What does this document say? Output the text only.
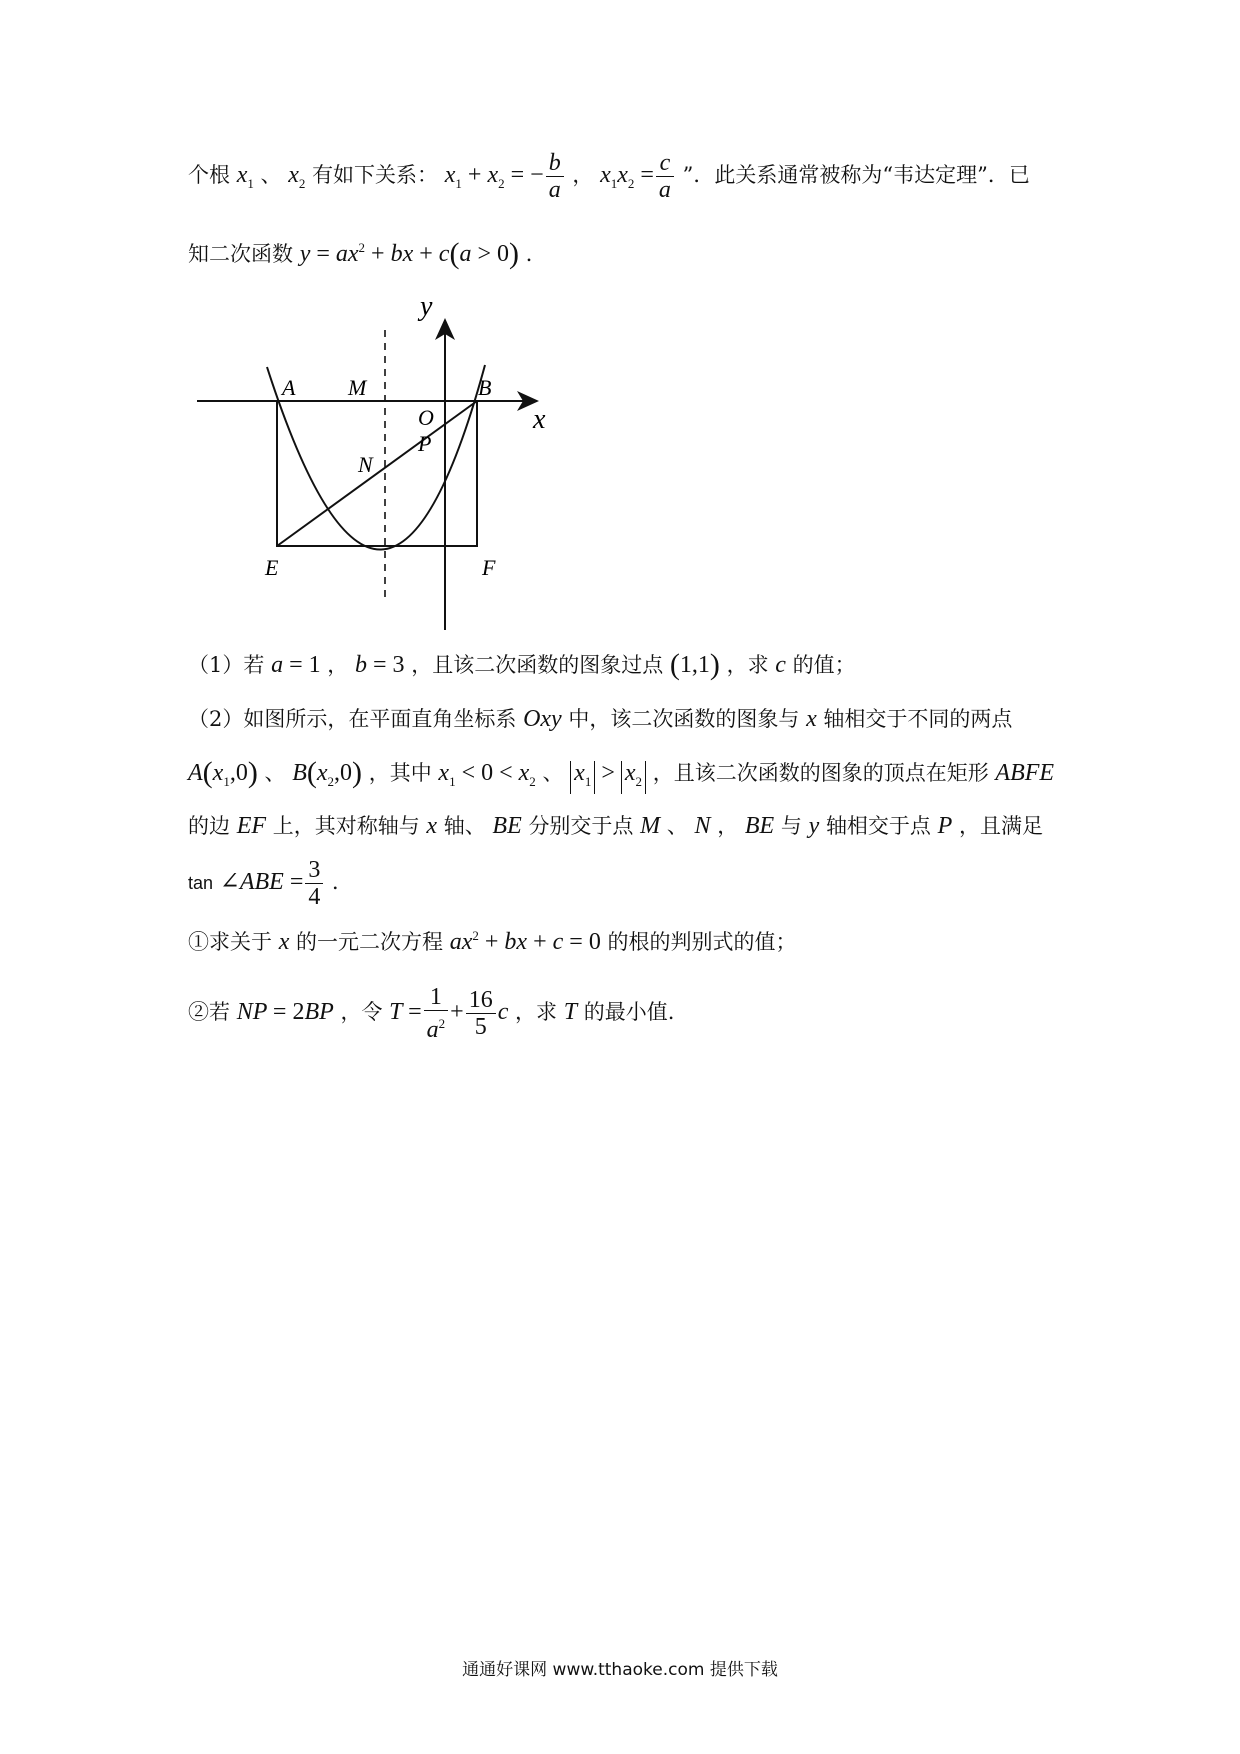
个根 $x_1$ 、 $x_2$ 有如下关系： $x_1 + x_2$ = − $\frac{b}{a}$ ， $x_1x_2 = \frac{c}{a}$ ”．此关系通常被称为“韦达定理”．已
知二次函数 $y = ax^2$ + bx + c(a > 0) ．
y
x
A M	B
O
P
N
E	F
（1）若 a = 1 ， b = 3 ，且该二次函数的图象过点 (1,1) ，求 c 的值；
（2）如图所示，在平面直角坐标系 Oxy 中，该二次函数的图象与 x 轴相交于不同的两点
$A(x_1,0)$ 、 $B(x_2,0)$ ，其中 $x_1 < 0 < x_2$ 、 $x_1 > x_2$ ，且该二次函数的图象的顶点在矩形 ABFE
的边 EF 上，其对称轴与 x 轴、 BE 分别交于点 M 、 N ， BE 与 y 轴相交于点 P ，且满足
tan ∠ABE = $\frac{3}{4}$ ．
①求关于 x 的一元二次方程 $ax^2$ + bx + c = 0 的根的判别式的值；
②若 NP = 2BP ，令 $T = \frac{1}{a^2} + \frac{16}{5}$ c ，求 T 的最小值.
通通好课网 www.tthaoke.com 提供下载
